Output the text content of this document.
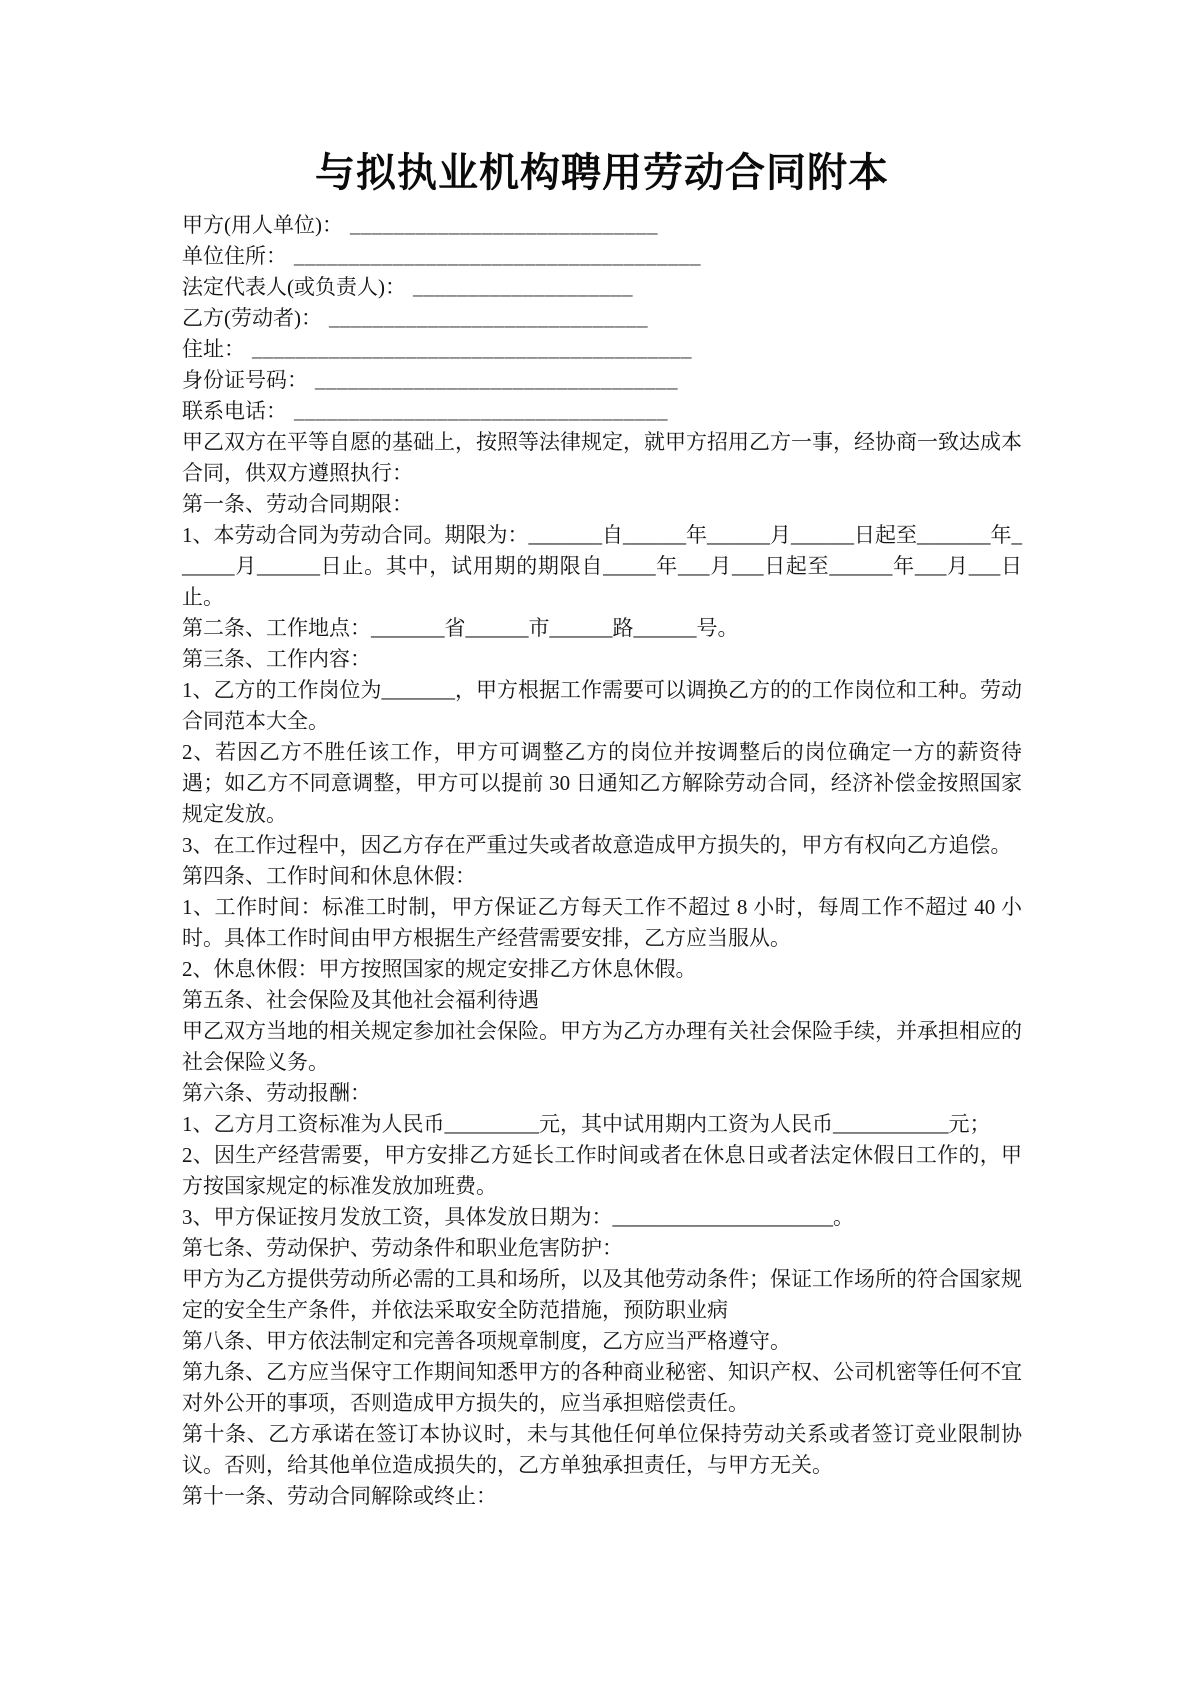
与拟执业机构聘用劳动合同附本
甲方(用人单位)： ____________________________
单位住所： _____________________________________
法定代表人(或负责人)： ____________________
乙方(劳动者)： _____________________________
住址： ________________________________________
身份证号码： _________________________________
联系电话： __________________________________

甲乙双方在平等自愿的基础上，按照等法律规定，就甲方招用乙方一事，经协商一致达成本合同，供双方遵照执行：

第一条、劳动合同期限：

1、本劳动合同为劳动合同。期限为：_______自______年______月______日起至_______年______月______日止。其中，试用期的期限自_____年___月___日起至______年___月___日止。

第二条、工作地点：_______省______市______路______号。

第三条、工作内容：

1、乙方的工作岗位为_______，甲方根据工作需要可以调换乙方的的工作岗位和工种。劳动合同范本大全。

2、若因乙方不胜任该工作，甲方可调整乙方的岗位并按调整后的岗位确定一方的薪资待遇；如乙方不同意调整，甲方可以提前 30 日通知乙方解除劳动合同，经济补偿金按照国家规定发放。

3、在工作过程中，因乙方存在严重过失或者故意造成甲方损失的，甲方有权向乙方追偿。

第四条、工作时间和休息休假：

1、工作时间：标准工时制，甲方保证乙方每天工作不超过 8 小时，每周工作不超过 40 小时。具体工作时间由甲方根据生产经营需要安排，乙方应当服从。

2、休息休假：甲方按照国家的规定安排乙方休息休假。

第五条、社会保险及其他社会福利待遇

甲乙双方当地的相关规定参加社会保险。甲方为乙方办理有关社会保险手续，并承担相应的社会保险义务。

第六条、劳动报酬：

1、乙方月工资标准为人民币_________元，其中试用期内工资为人民币___________元；

2、因生产经营需要，甲方安排乙方延长工作时间或者在休息日或者法定休假日工作的，甲方按国家规定的标准发放加班费。

3、甲方保证按月发放工资，具体发放日期为：_____________________。

第七条、劳动保护、劳动条件和职业危害防护：

甲方为乙方提供劳动所必需的工具和场所，以及其他劳动条件；保证工作场所的符合国家规定的安全生产条件，并依法采取安全防范措施，预防职业病

第八条、甲方依法制定和完善各项规章制度，乙方应当严格遵守。

第九条、乙方应当保守工作期间知悉甲方的各种商业秘密、知识产权、公司机密等任何不宜对外公开的事项，否则造成甲方损失的，应当承担赔偿责任。

第十条、乙方承诺在签订本协议时，未与其他任何单位保持劳动关系或者签订竞业限制协议。否则，给其他单位造成损失的，乙方单独承担责任，与甲方无关。

第十一条、劳动合同解除或终止：
